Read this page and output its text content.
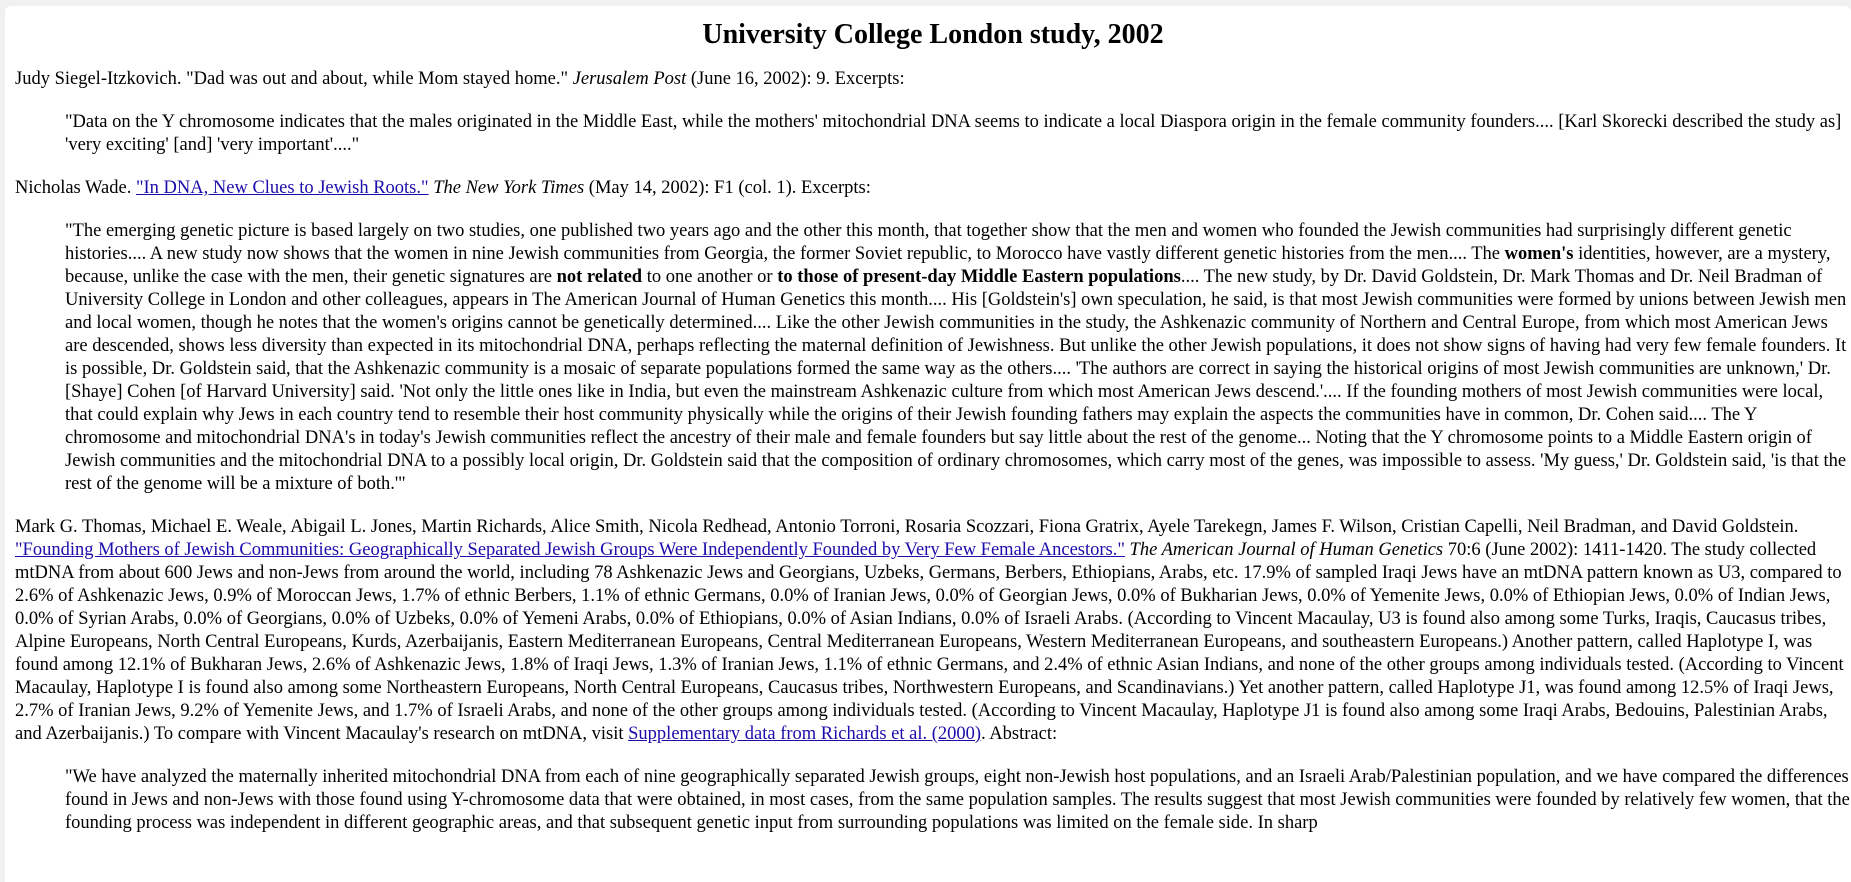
University College London study, 2002

Judy Siegel-Itzkovich. "Dad was out and about, while Mom stayed home." Jerusalem Post (June 16, 2002): 9. Excerpts:

"Data on the Y chromosome indicates that the males originated in the Middle East, while the mothers' mitochondrial DNA seems to indicate a local Diaspora origin in the female community founders.... [Karl Skorecki described the study as] 'very exciting' [and] 'very important'...."

Nicholas Wade. "In DNA, New Clues to Jewish Roots." The New York Times (May 14, 2002): F1 (col. 1). Excerpts:

"The emerging genetic picture is based largely on two studies, one published two years ago and the other this month, that together show that the men and women who founded the Jewish communities had surprisingly different genetic histories.... A new study now shows that the women in nine Jewish communities from Georgia, the former Soviet republic, to Morocco have vastly different genetic histories from the men.... The women's identities, however, are a mystery, because, unlike the case with the men, their genetic signatures are not related to one another or to those of present-day Middle Eastern populations.... The new study, by Dr. David Goldstein, Dr. Mark Thomas and Dr. Neil Bradman of University College in London and other colleagues, appears in The American Journal of Human Genetics this month.... His [Goldstein's] own speculation, he said, is that most Jewish communities were formed by unions between Jewish men and local women, though he notes that the women's origins cannot be genetically determined.... Like the other Jewish communities in the study, the Ashkenazic community of Northern and Central Europe, from which most American Jews are descended, shows less diversity than expected in its mitochondrial DNA, perhaps reflecting the maternal definition of Jewishness. But unlike the other Jewish populations, it does not show signs of having had very few female founders. It is possible, Dr. Goldstein said, that the Ashkenazic community is a mosaic of separate populations formed the same way as the others.... 'The authors are correct in saying the historical origins of most Jewish communities are unknown,' Dr. [Shaye] Cohen [of Harvard University] said. 'Not only the little ones like in India, but even the mainstream Ashkenazic culture from which most American Jews descend.'.... If the founding mothers of most Jewish communities were local, that could explain why Jews in each country tend to resemble their host community physically while the origins of their Jewish founding fathers may explain the aspects the communities have in common, Dr. Cohen said.... The Y chromosome and mitochondrial DNA's in today's Jewish communities reflect the ancestry of their male and female founders but say little about the rest of the genome... Noting that the Y chromosome points to a Middle Eastern origin of Jewish communities and the mitochondrial DNA to a possibly local origin, Dr. Goldstein said that the composition of ordinary chromosomes, which carry most of the genes, was impossible to assess. 'My guess,' Dr. Goldstein said, 'is that the rest of the genome will be a mixture of both.'"

Mark G. Thomas, Michael E. Weale, Abigail L. Jones, Martin Richards, Alice Smith, Nicola Redhead, Antonio Torroni, Rosaria Scozzari, Fiona Gratrix, Ayele Tarekegn, James F. Wilson, Cristian Capelli, Neil Bradman, and David Goldstein. "Founding Mothers of Jewish Communities: Geographically Separated Jewish Groups Were Independently Founded by Very Few Female Ancestors." The American Journal of Human Genetics 70:6 (June 2002): 1411-1420. The study collected mtDNA from about 600 Jews and non-Jews from around the world, including 78 Ashkenazic Jews and Georgians, Uzbeks, Germans, Berbers, Ethiopians, Arabs, etc. 17.9% of sampled Iraqi Jews have an mtDNA pattern known as U3, compared to 2.6% of Ashkenazic Jews, 0.9% of Moroccan Jews, 1.7% of ethnic Berbers, 1.1% of ethnic Germans, 0.0% of Iranian Jews, 0.0% of Georgian Jews, 0.0% of Bukharian Jews, 0.0% of Yemenite Jews, 0.0% of Ethiopian Jews, 0.0% of Indian Jews, 0.0% of Syrian Arabs, 0.0% of Georgians, 0.0% of Uzbeks, 0.0% of Yemeni Arabs, 0.0% of Ethiopians, 0.0% of Asian Indians, 0.0% of Israeli Arabs. (According to Vincent Macaulay, U3 is found also among some Turks, Iraqis, Caucasus tribes, Alpine Europeans, North Central Europeans, Kurds, Azerbaijanis, Eastern Mediterranean Europeans, Central Mediterranean Europeans, Western Mediterranean Europeans, and southeastern Europeans.) Another pattern, called Haplotype I, was found among 12.1% of Bukharan Jews, 2.6% of Ashkenazic Jews, 1.8% of Iraqi Jews, 1.3% of Iranian Jews, 1.1% of ethnic Germans, and 2.4% of ethnic Asian Indians, and none of the other groups among individuals tested. (According to Vincent Macaulay, Haplotype I is found also among some Northeastern Europeans, North Central Europeans, Caucasus tribes, Northwestern Europeans, and Scandinavians.) Yet another pattern, called Haplotype J1, was found among 12.5% of Iraqi Jews, 2.7% of Iranian Jews, 9.2% of Yemenite Jews, and 1.7% of Israeli Arabs, and none of the other groups among individuals tested. (According to Vincent Macaulay, Haplotype J1 is found also among some Iraqi Arabs, Bedouins, Palestinian Arabs, and Azerbaijanis.) To compare with Vincent Macaulay's research on mtDNA, visit Supplementary data from Richards et al. (2000). Abstract:

"We have analyzed the maternally inherited mitochondrial DNA from each of nine geographically separated Jewish groups, eight non-Jewish host populations, and an Israeli Arab/Palestinian population, and we have compared the differences found in Jews and non-Jews with those found using Y-chromosome data that were obtained, in most cases, from the same population samples. The results suggest that most Jewish communities were founded by relatively few women, that the founding process was independent in different geographic areas, and that subsequent genetic input from surrounding populations was limited on the female side. In sharp
